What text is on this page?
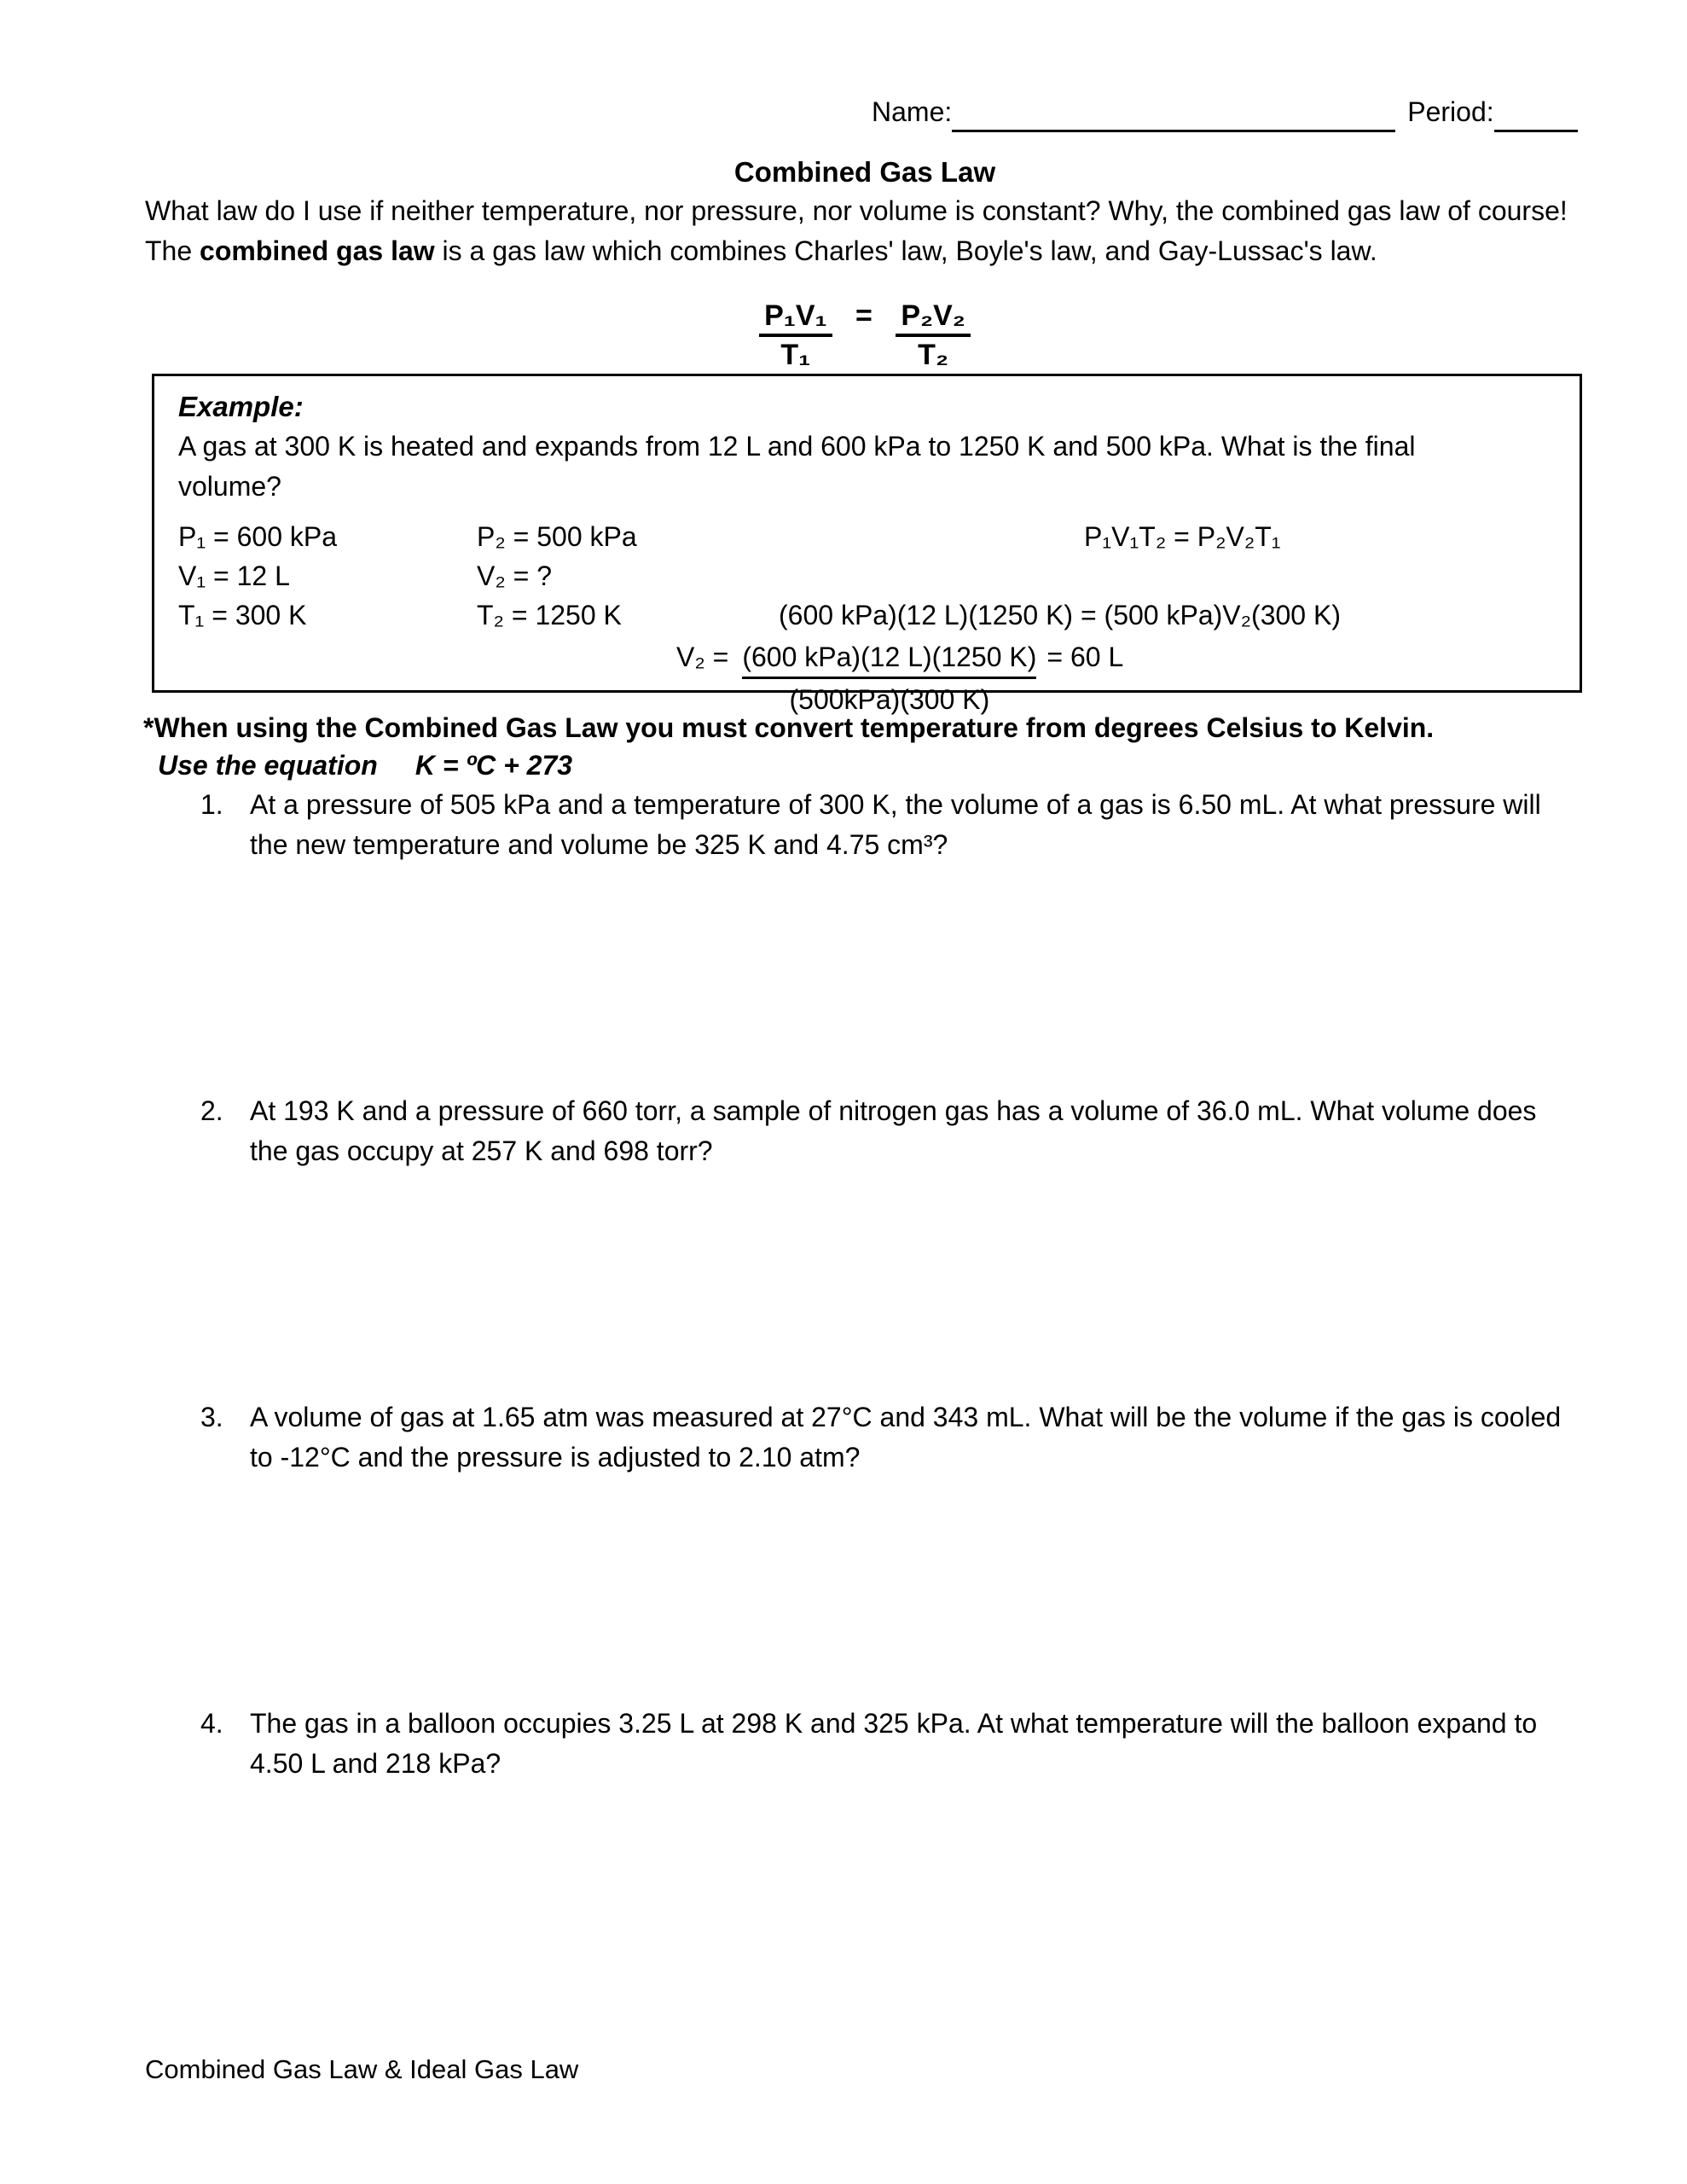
Name:	Period:
Combined Gas Law
What law do I use if neither temperature, nor pressure, nor volume is constant? Why, the combined gas law of course! The combined gas law is a gas law which combines Charles' law, Boyle's law, and Gay-Lussac's law.
$\frac{\text{P₁V₁}}{\text{T₁}} = \frac{\text{P₂V₂}}{\text{T₂}}$
Example:
A gas at 300 K is heated and expands from 12 L and 600 kPa to 1250 K and 500 kPa. What is the final volume?
P₁ = 600 kPa	P₂ = 500 kPa	P₁V₁T₂ = P₂V₂T₁
V₁ = 12 L	V₂ = ?
T₁ = 300 K	T₂ = 1250 K	(600 kPa)(12 L)(1250 K) = (500 kPa)V₂(300 K)
$V_2 = \frac{\text{(600 kPa)(12 L)(1250 K)}}{\text{(500kPa)(300 K)}} = 60$ L
*When using the Combined Gas Law you must convert temperature from degrees Celsius to Kelvin.
Use the equation K = ºC + 273
1. At a pressure of 505 kPa and a temperature of 300 K, the volume of a gas is 6.50 mL. At what pressure will the new temperature and volume be 325 K and 4.75 cm³?
2. At 193 K and a pressure of 660 torr, a sample of nitrogen gas has a volume of 36.0 mL. What volume does the gas occupy at 257 K and 698 torr?
3. A volume of gas at 1.65 atm was measured at 27°C and 343 mL. What will be the volume if the gas is cooled to -12°C and the pressure is adjusted to 2.10 atm?
4. The gas in a balloon occupies 3.25 L at 298 K and 325 kPa. At what temperature will the balloon expand to 4.50 L and 218 kPa?
Combined Gas Law & Ideal Gas Law
